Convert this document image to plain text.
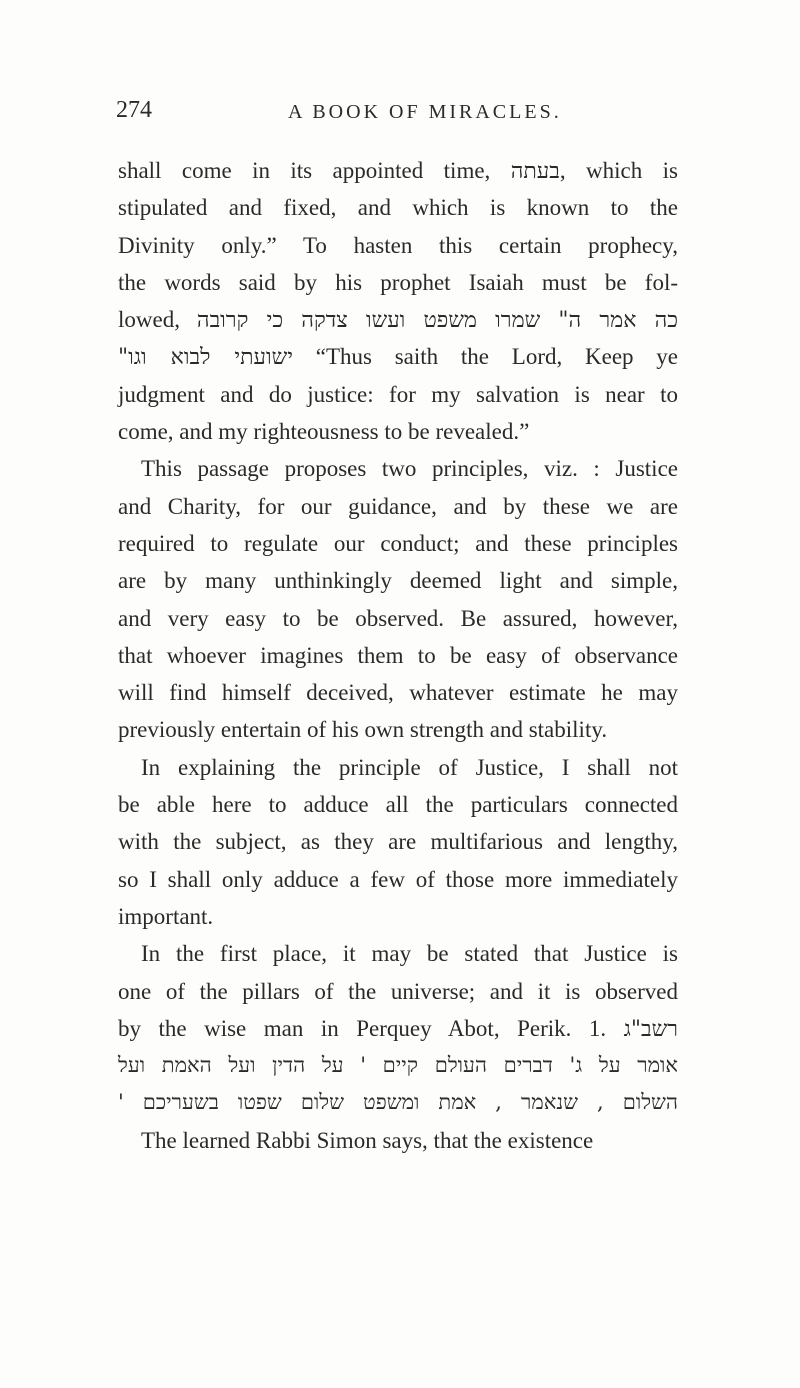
274	A BOOK OF MIRACLES.
shall come in its appointed time, בעתה, which is
stipulated and fixed, and which is known to the
Divinity only.” To hasten this certain prophecy,
the words said by his prophet Isaiah must be fol-
lowed, כה אמר ה" שמרו משפט ועשו צדקה כי קרובה
ישועתי לבוא וגו" “Thus saith the Lord, Keep ye
judgment and do justice: for my salvation is near to
come, and my righteousness to be revealed.”
This passage proposes two principles, viz. : Justice
and Charity, for our guidance, and by these we are
required to regulate our conduct; and these principles
are by many unthinkingly deemed light and simple,
and very easy to be observed. Be assured, however,
that whoever imagines them to be easy of observance
will find himself deceived, whatever estimate he may
previously entertain of his own strength and stability.
In explaining the principle of Justice, I shall not
be able here to adduce all the particulars connected
with the subject, as they are multifarious and lengthy,
so I shall only adduce a few of those more immediately
important.
In the first place, it may be stated that Justice is
one of the pillars of the universe; and it is observed
by the wise man in Perquey Abot, Perik. 1. רשב"ג
אומר על ג' דברים העולם קיים ' על הדין ועל האמת ועל
השלום , שנאמר , אמת ומשפט שלום שפטו בשעריכם '
The learned Rabbi Simon says, that the existence
